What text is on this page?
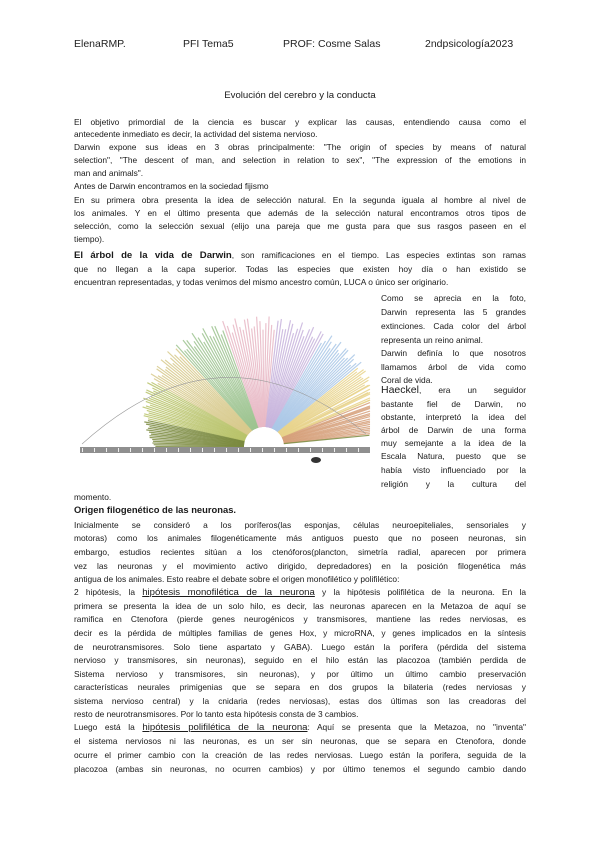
ElenaRMP.	PFI Tema5	PROF: Cosme Salas	2ndpsicología2023
Evolución del cerebro y la conducta
El objetivo primordial de la ciencia es buscar y explicar las causas, entendiendo causa como el
antecedente inmediato es decir, la actividad del sistema nervioso.
Darwin expone sus ideas en 3 obras principalmente: "The origin of species by means of natural
selection", "The descent of man, and selection in relation to sex", "The expression of the emotions in
man and animals".
Antes de Darwin encontramos en la sociedad fijismo
En su primera obra presenta la idea de selección natural. En la segunda iguala al hombre al nivel de
los animales. Y en el último presenta que además de la selección natural encontramos otros tipos de
selección, como la selección sexual (elijo una pareja que me gusta para que sus rasgos paseen en el
tiempo).
El árbol de la vida de Darwin, son ramificaciones en el tiempo. Las especies extintas son ramas
que no llegan a la capa superior. Todas las especies que existen hoy día o han existido se
encuentran representadas, y todas venimos del mismo ancestro común, LUCA o único ser originario.
Como se aprecia en la foto,
Darwin representa las 5 grandes
extinciones. Cada color del árbol
representa un reino animal.
Darwin definía lo que nosotros
llamamos árbol de vida como
Coral de vida.
Haeckel, era un seguidor
bastante fiel de Darwin, no
obstante, interpretó la idea del
árbol de Darwin de una forma
muy semejante a la idea de la
Escala Natura, puesto que se
había visto influenciado por la
religión y la cultura del
momento.
Origen filogenético de las neuronas.
Inicialmente se consideró a los poríferos(las esponjas, células neuroepiteliales, sensoriales y
motoras) como los animales filogenéticamente más antiguos puesto que no poseen neuronas, sin
embargo, estudios recientes sitúan a los ctenóforos(plancton, simetría radial, aparecen por primera
vez las neuronas y el movimiento activo dirigido, depredadores) en la posición filogenética más
antigua de los animales. Esto reabre el debate sobre el origen monofilético y polifilético:
2 hipótesis, la hipótesis monofilética de la neurona y la hipótesis polifilética de la neurona. En la
primera se presenta la idea de un solo hilo, es decir, las neuronas aparecen en la Metazoa de aquí se
ramifica en Ctenofora (pierde genes neurogénicos y transmisores, mantiene las redes nerviosas, es
decir es la pérdida de múltiples familias de genes Hox, y microRNA, y genes implicados en la síntesis
de neurotransmisores. Solo tiene aspartato y GABA). Luego están la porifera (pérdida del sistema
nervioso y transmisores, sin neuronas), seguido en el hilo están las placozoa (también perdida de
Sistema nervioso y transmisores, sin neuronas), y por último un último cambio preservación
características neurales primigenias que se separa en dos grupos la bilateria (redes nerviosas y
sistema nervioso central) y la cnidaria (redes nerviosas), estas dos últimas son las creadoras del
resto de neurotransmisores. Por lo tanto esta hipótesis consta de 3 cambios.
Luego está la hipótesis polifilética de la neurona: Aquí se presenta que la Metazoa, no "inventa"
el sistema nerviosos ni las neuronas, es un ser sin neuronas, que se separa en Ctenofora, donde
ocurre el primer cambio con la creación de las redes nerviosas. Luego están la porifera, seguida de la
placozoa (ambas sin neuronas, no ocurren cambios) y por último tenemos el segundo cambio dando
